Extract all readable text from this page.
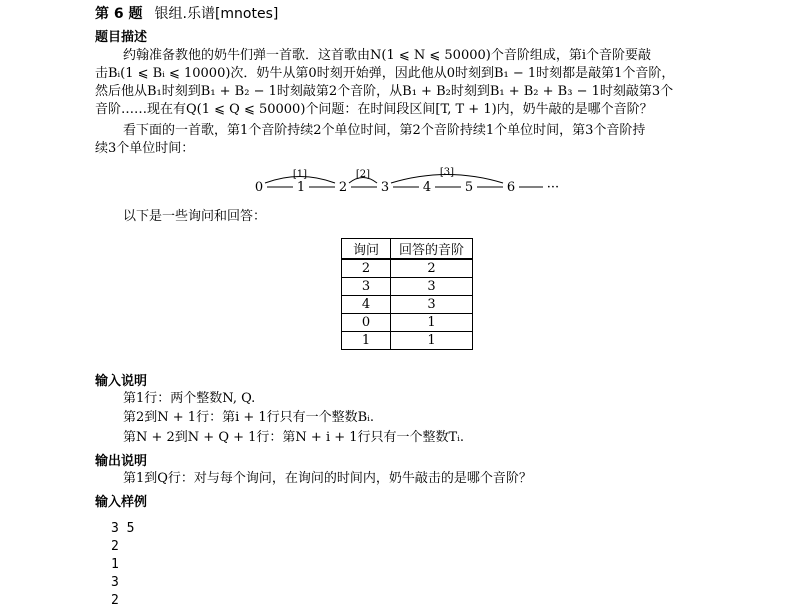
第 6 题 银组.乐谱[mnotes]
题目描述
约翰准备教他的奶牛们弹一首歌．这首歌由N(1 ⩽ N ⩽ 50000)个音阶组成，第i个音阶要敲
击Bᵢ(1 ⩽ Bᵢ ⩽ 10000)次．奶牛从第0时刻开始弹，因此他从0时刻到B₁ − 1时刻都是敲第1个音阶，
然后他从B₁时刻到B₁ + B₂ − 1时刻敲第2个音阶，从B₁ + B₂时刻到B₁ + B₂ + B₃ − 1时刻敲第3个
音阶……现在有Q(1 ⩽ Q ⩽ 50000)个问题：在时间段区间[T, T + 1)内，奶牛敲的是哪个音阶？
看下面的一首歌，第1个音阶持续2个单位时间，第2个音阶持续1个单位时间，第3个音阶持
续3个单位时间：
[1]	[2]	[3]
0	1	2	3	4	5	6 ···
以下是一些询问和回答：
询问	回答的音阶
2	2
3	3
4	3
0	1
1	1
输入说明
第1行：两个整数N, Q.
第2到N + 1行：第i + 1行只有一个整数Bᵢ.
第N + 2到N + Q + 1行：第N + i + 1行只有一个整数Tᵢ.
输出说明
第1到Q行：对与每个询问，在询问的时间内，奶牛敲击的是哪个音阶？
输入样例
3 5
2
1
3
2
